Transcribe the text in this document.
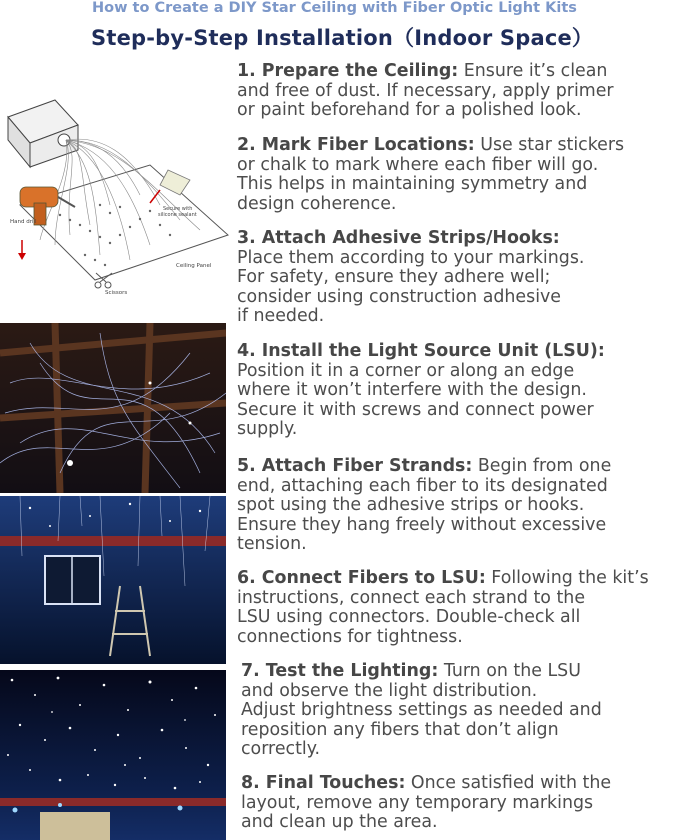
How to Create a DIY Star Ceiling with Fiber Optic Light Kits
Step-by-Step Installation（Indoor Space）
Hand drill
Secure with
silicone sealant
Ceiling Panel
Scissors
1. Prepare the Ceiling: Ensure it’s clean
and free of dust. If necessary, apply primer
or paint beforehand for a polished look.
2. Mark Fiber Locations: Use star stickers
or chalk to mark where each fiber will go.
This helps in maintaining symmetry and
design coherence.
3. Attach Adhesive Strips/Hooks:
Place them according to your markings.
For safety, ensure they adhere well;
consider using construction adhesive
if needed.
4. Install the Light Source Unit (LSU):
Position it in a corner or along an edge
where it won’t interfere with the design.
Secure it with screws and connect power
supply.
5. Attach Fiber Strands: Begin from one
end, attaching each fiber to its designated
spot using the adhesive strips or hooks.
Ensure they hang freely without excessive
tension.
6. Connect Fibers to LSU: Following the kit’s
instructions, connect each strand to the
LSU using connectors. Double-check all
connections for tightness.
7. Test the Lighting: Turn on the LSU
and observe the light distribution.
Adjust brightness settings as needed and
reposition any fibers that don’t align
correctly.
8. Final Touches: Once satisfied with the
layout, remove any temporary markings
and clean up the area.
